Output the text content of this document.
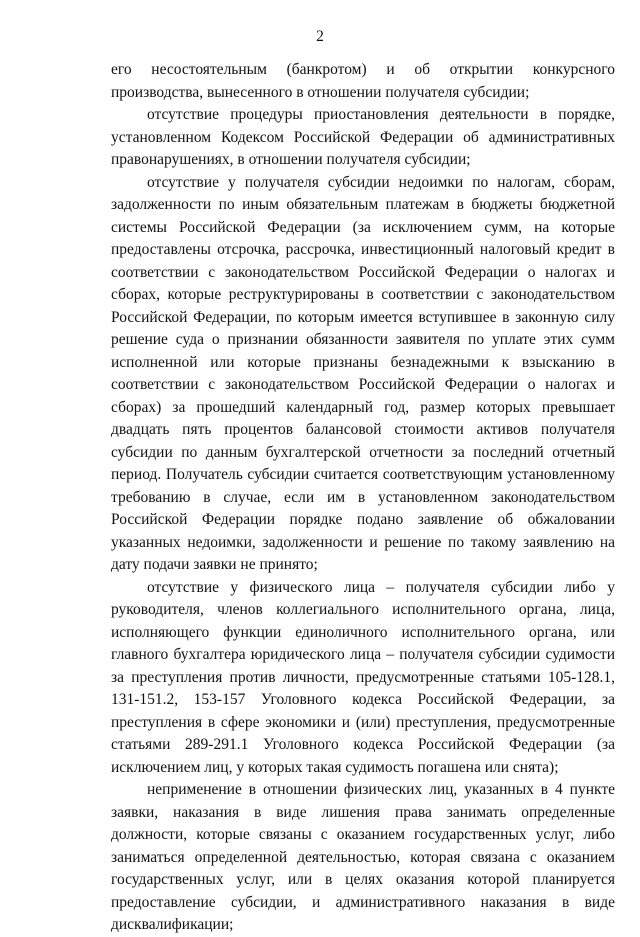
2

его несостоятельным (банкротом) и об открытии конкурсного производства, вынесенного в отношении получателя субсидии;

отсутствие процедуры приостановления деятельности в порядке, установленном Кодексом Российской Федерации об административных правонарушениях, в отношении получателя субсидии;

отсутствие у получателя субсидии недоимки по налогам, сборам, задолженности по иным обязательным платежам в бюджеты бюджетной системы Российской Федерации (за исключением сумм, на которые предоставлены отсрочка, рассрочка, инвестиционный налоговый кредит в соответствии с законодательством Российской Федерации о налогах и сборах, которые реструктурированы в соответствии с законодательством Российской Федерации, по которым имеется вступившее в законную силу решение суда о признании обязанности заявителя по уплате этих сумм исполненной или которые признаны безнадежными к взысканию в соответствии с законодательством Российской Федерации о налогах и сборах) за прошедший календарный год, размер которых превышает двадцать пять процентов балансовой стоимости активов получателя субсидии по данным бухгалтерской отчетности за последний отчетный период. Получатель субсидии считается соответствующим установленному требованию в случае, если им в установленном законодательством Российской Федерации порядке подано заявление об обжаловании указанных недоимки, задолженности и решение по такому заявлению на дату подачи заявки не принято;

отсутствие у физического лица – получателя субсидии либо у руководителя, членов коллегиального исполнительного органа, лица, исполняющего функции единоличного исполнительного органа, или главного бухгалтера юридического лица – получателя субсидии судимости за преступления против личности, предусмотренные статьями 105-128.1, 131-151.2, 153-157 Уголовного кодекса Российской Федерации, за преступления в сфере экономики и (или) преступления, предусмотренные статьями 289-291.1 Уголовного кодекса Российской Федерации (за исключением лиц, у которых такая судимость погашена или снята);

неприменение в отношении физических лиц, указанных в 4 пункте заявки, наказания в виде лишения права занимать определенные должности, которые связаны с оказанием государственных услуг, либо заниматься определенной деятельностью, которая связана с оказанием государственных услуг, или в целях оказания которой планируется предоставление субсидии, и административного наказания в виде дисквалификации;
